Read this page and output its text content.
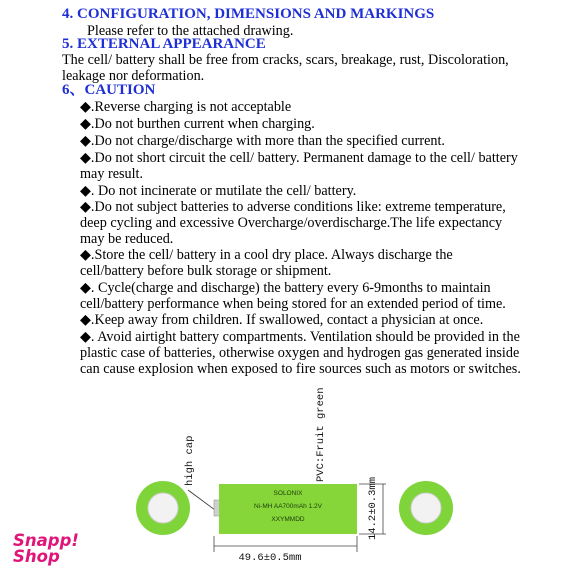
4. CONFIGURATION, DIMENSIONS AND MARKINGS
Please refer to the attached drawing.
5. EXTERNAL APPEARANCE
The cell/ battery shall be free from cracks, scars, breakage, rust, Discoloration,
leakage nor deformation.
6、CAUTION
◆.Reverse charging is not acceptable
◆.Do not burthen current when charging.
◆.Do not charge/discharge with more than the specified current.
◆.Do not short circuit the cell/ battery. Permanent damage to the cell/ battery
may result.
◆. Do not incinerate or mutilate the cell/ battery.
◆.Do not subject batteries to adverse conditions like: extreme temperature,
deep cycling and excessive Overcharge/overdischarge.The life expectancy
may be reduced.
◆.Store the cell/ battery in a cool dry place. Always discharge the
cell/battery before bulk storage or shipment.
◆. Cycle(charge and discharge) the battery every 6-9months to maintain
cell/battery performance when being stored for an extended period of time.
◆.Keep away from children. If swallowed, contact a physician at once.
◆. Avoid airtight battery compartments. Ventilation should be provided in the
plastic case of batteries, otherwise oxygen and hydrogen gas generated inside
can cause explosion when exposed to fire sources such as motors or switches.
high cap	PVC:Fruit green
SOLONIX
Ni-MH AA700mAh 1.2V
XXYMMDD
49.6±0.5mm
14.2±0.3mm
Snapp!
Shop
